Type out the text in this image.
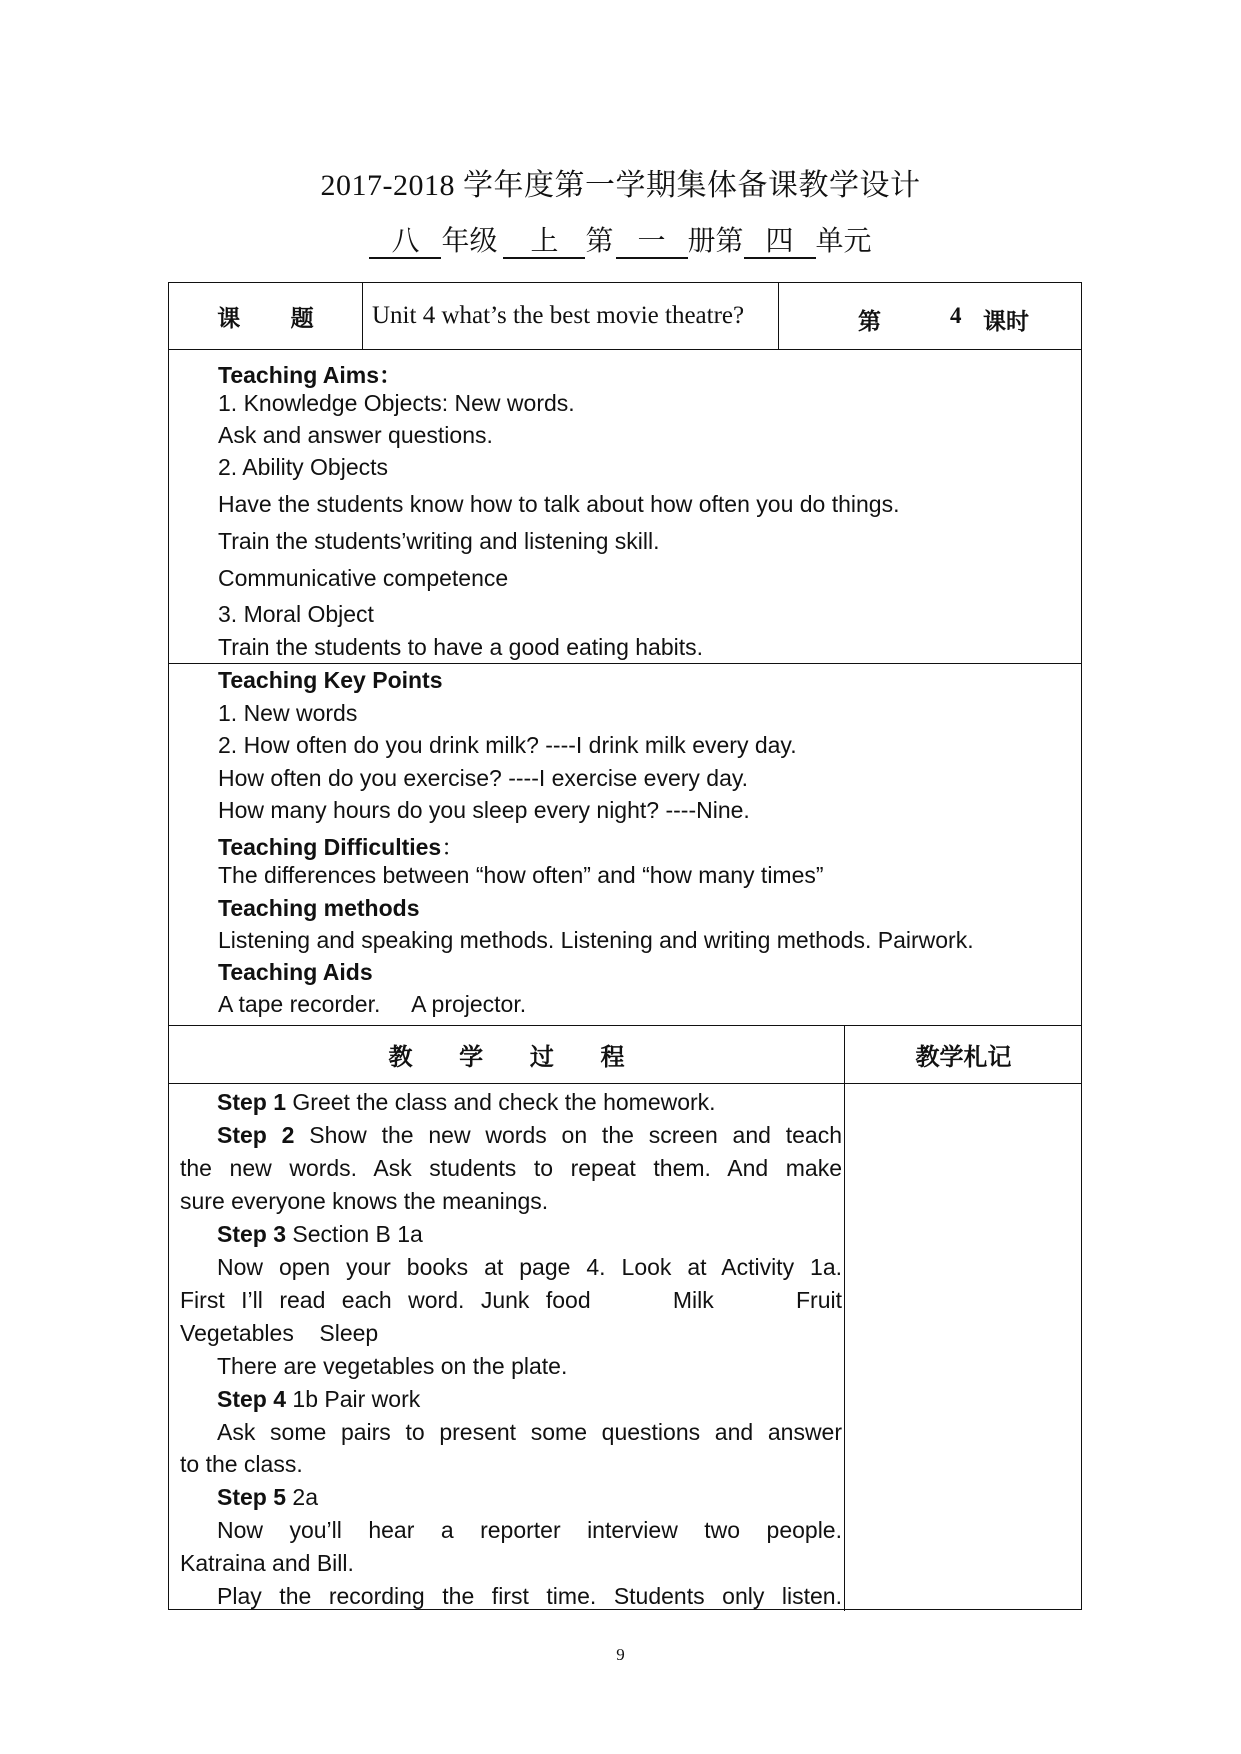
2017-2018 学年度第一学期集体备课教学设计
八 年级 上 第 一 册第 四 单元
课 题	Unit 4 what’s the best movie theatre?	第	4 课时
Teaching Aims：
1. Knowledge Objects: New words.
Ask and answer questions.
2. Ability Objects
Have the students know how to talk about how often you do things.
Train the students’writing and listening skill.
Communicative competence
3. Moral Object
Train the students to have a good eating habits.
Teaching Key Points
1. New words
2. How often do you drink milk? ----I drink milk every day.
How often do you exercise? ----I exercise every day.
How many hours do you sleep every night? ----Nine.
Teaching Difficulties：
The differences between “how often” and “how many times”
Teaching methods
Listening and speaking methods. Listening and writing methods. Pairwork.
Teaching Aids
A tape recorder.     A projector.
教 学 过 程	教学札记
Step 1 Greet the class and check the homework.
Step 2 Show the new words on the screen and teach
the new words. Ask students to repeat them. And make
sure everyone knows the meanings.
Step 3 Section B 1a
Now open your books at page 4. Look at Activity 1a.
First I’ll read each word. Junk food     Milk     Fruit
Vegetables    Sleep
There are vegetables on the plate.
Step 4 1b Pair work
Ask some pairs to present some questions and answer
to the class.
Step 5 2a
Now you’ll hear a reporter interview two people.
Katraina and Bill.
Play the recording the first time. Students only listen.
9
